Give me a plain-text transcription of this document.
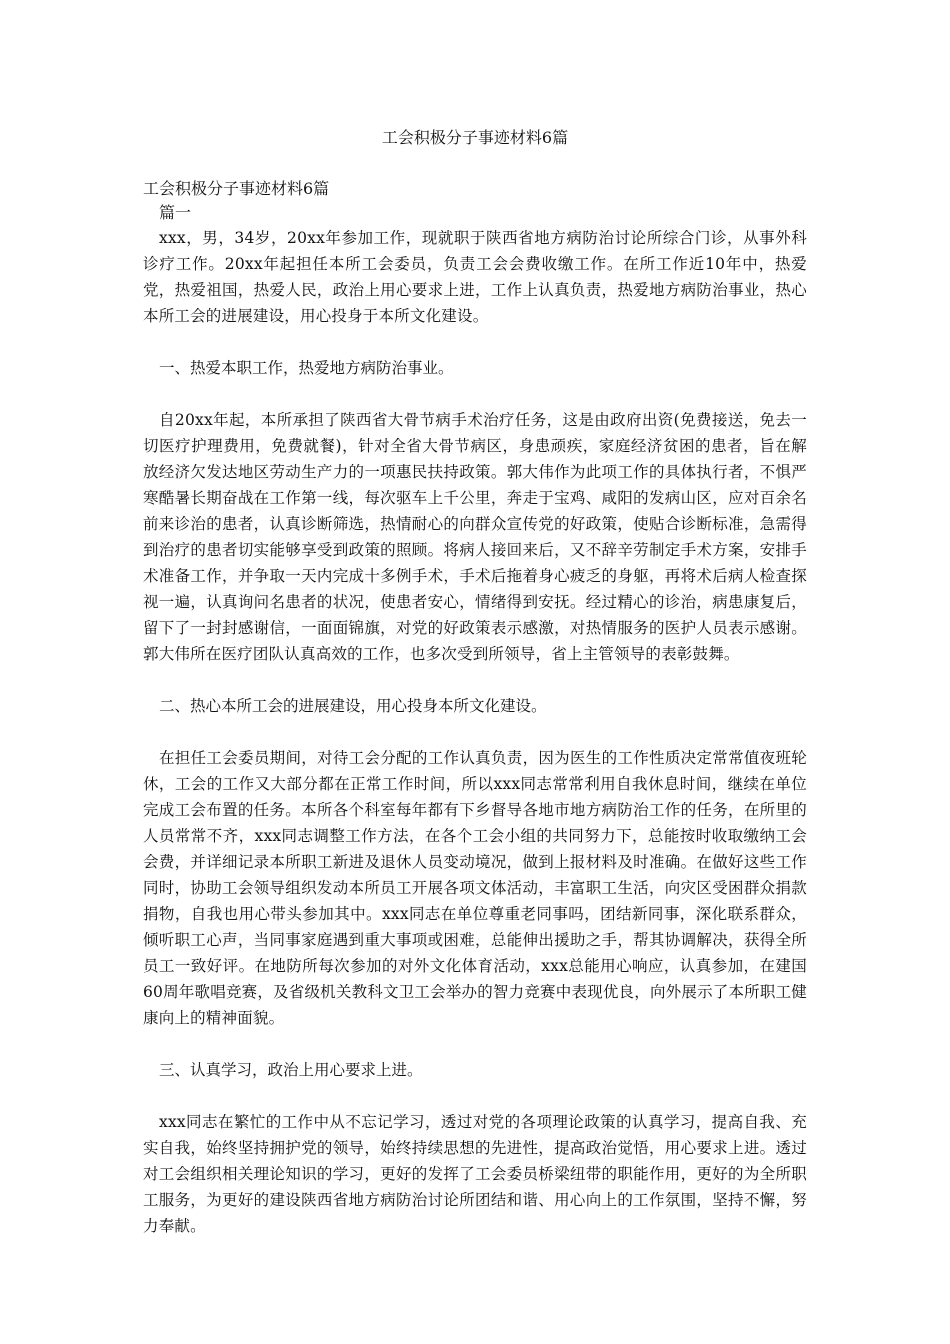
工会积极分子事迹材料6篇

工会积极分子事迹材料6篇

篇一

xxx，男，34岁，20xx年参加工作，现就职于陕西省地方病防治讨论所综合门诊，从事外科诊疗工作。20xx年起担任本所工会委员，负责工会会费收缴工作。在所工作近10年中，热爱党，热爱祖国，热爱人民，政治上用心要求上进，工作上认真负责，热爱地方病防治事业，热心本所工会的进展建设，用心投身于本所文化建设。

一、热爱本职工作，热爱地方病防治事业。

自20xx年起，本所承担了陕西省大骨节病手术治疗任务，这是由政府出资(免费接送，免去一切医疗护理费用，免费就餐)，针对全省大骨节病区，身患顽疾，家庭经济贫困的患者，旨在解放经济欠发达地区劳动生产力的一项惠民扶持政策。郭大伟作为此项工作的具体执行者，不惧严寒酷暑长期奋战在工作第一线，每次驱车上千公里，奔走于宝鸡、咸阳的发病山区，应对百余名前来诊治的患者，认真诊断筛选，热情耐心的向群众宣传党的好政策，使贴合诊断标准，急需得到治疗的患者切实能够享受到政策的照顾。将病人接回来后，又不辞辛劳制定手术方案，安排手术准备工作，并争取一天内完成十多例手术，手术后拖着身心疲乏的身躯，再将术后病人检查探视一遍，认真询问名患者的状况，使患者安心，情绪得到安抚。经过精心的诊治，病患康复后，留下了一封封感谢信，一面面锦旗，对党的好政策表示感激，对热情服务的医护人员表示感谢。郭大伟所在医疗团队认真高效的工作，也多次受到所领导，省上主管领导的表彰鼓舞。

二、热心本所工会的进展建设，用心投身本所文化建设。

在担任工会委员期间，对待工会分配的工作认真负责，因为医生的工作性质决定常常值夜班轮休，工会的工作又大部分都在正常工作时间，所以xxx同志常常利用自我休息时间，继续在单位完成工会布置的任务。本所各个科室每年都有下乡督导各地市地方病防治工作的任务，在所里的人员常常不齐，xxx同志调整工作方法，在各个工会小组的共同努力下，总能按时收取缴纳工会会费，并详细记录本所职工新进及退休人员变动境况，做到上报材料及时准确。在做好这些工作同时，协助工会领导组织发动本所员工开展各项文体活动，丰富职工生活，向灾区受困群众捐款捐物，自我也用心带头参加其中。xxx同志在单位尊重老同事吗，团结新同事，深化联系群众，倾听职工心声，当同事家庭遇到重大事项或困难，总能伸出援助之手，帮其协调解决，获得全所员工一致好评。在地防所每次参加的对外文化体育活动，xxx总能用心响应，认真参加，在建国60周年歌唱竞赛，及省级机关教科文卫工会举办的智力竞赛中表现优良，向外展示了本所职工健康向上的精神面貌。

三、认真学习，政治上用心要求上进。

xxx同志在繁忙的工作中从不忘记学习，透过对党的各项理论政策的认真学习，提高自我、充实自我，始终坚持拥护党的领导，始终持续思想的先进性，提高政治觉悟，用心要求上进。透过对工会组织相关理论知识的学习，更好的发挥了工会委员桥梁纽带的职能作用，更好的为全所职工服务，为更好的建设陕西省地方病防治讨论所团结和谐、用心向上的工作氛围，坚持不懈，努力奉献。
